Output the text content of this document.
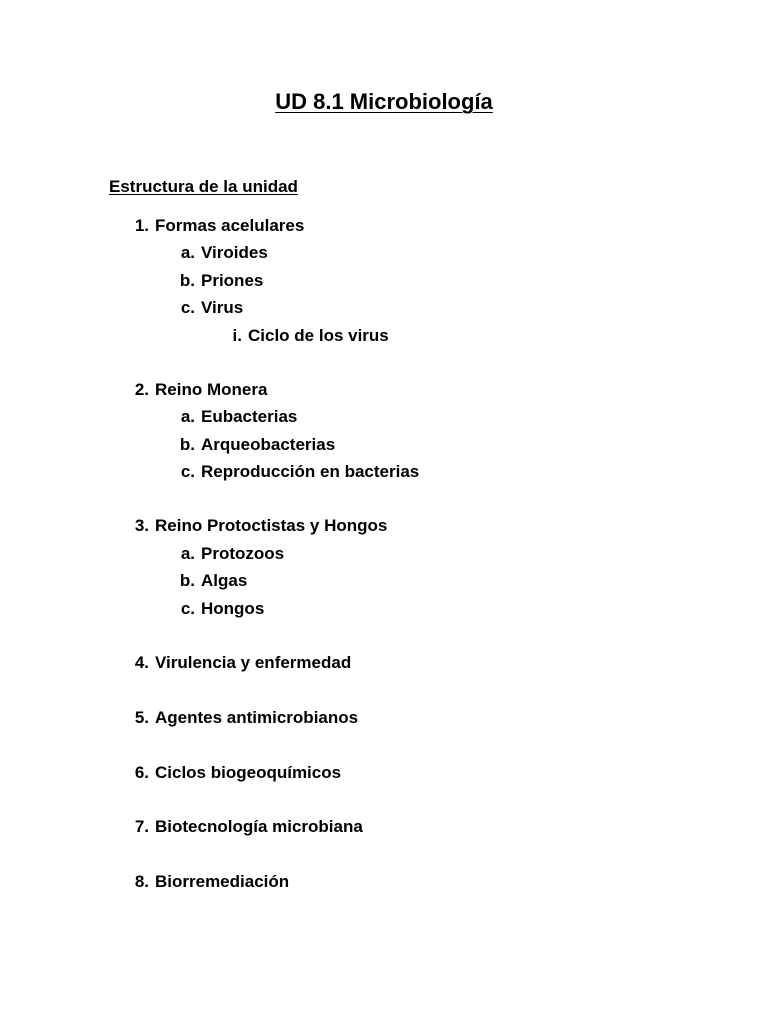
UD 8.1 Microbiología
Estructura de la unidad
1. Formas acelulares
a. Viroides
b. Priones
c. Virus
i. Ciclo de los virus
2. Reino Monera
a. Eubacterias
b. Arqueobacterias
c. Reproducción en bacterias
3. Reino Protoctistas y Hongos
a. Protozoos
b. Algas
c. Hongos
4. Virulencia y enfermedad
5. Agentes antimicrobianos
6. Ciclos biogeoquímicos
7. Biotecnología microbiana
8. Biorremediación
